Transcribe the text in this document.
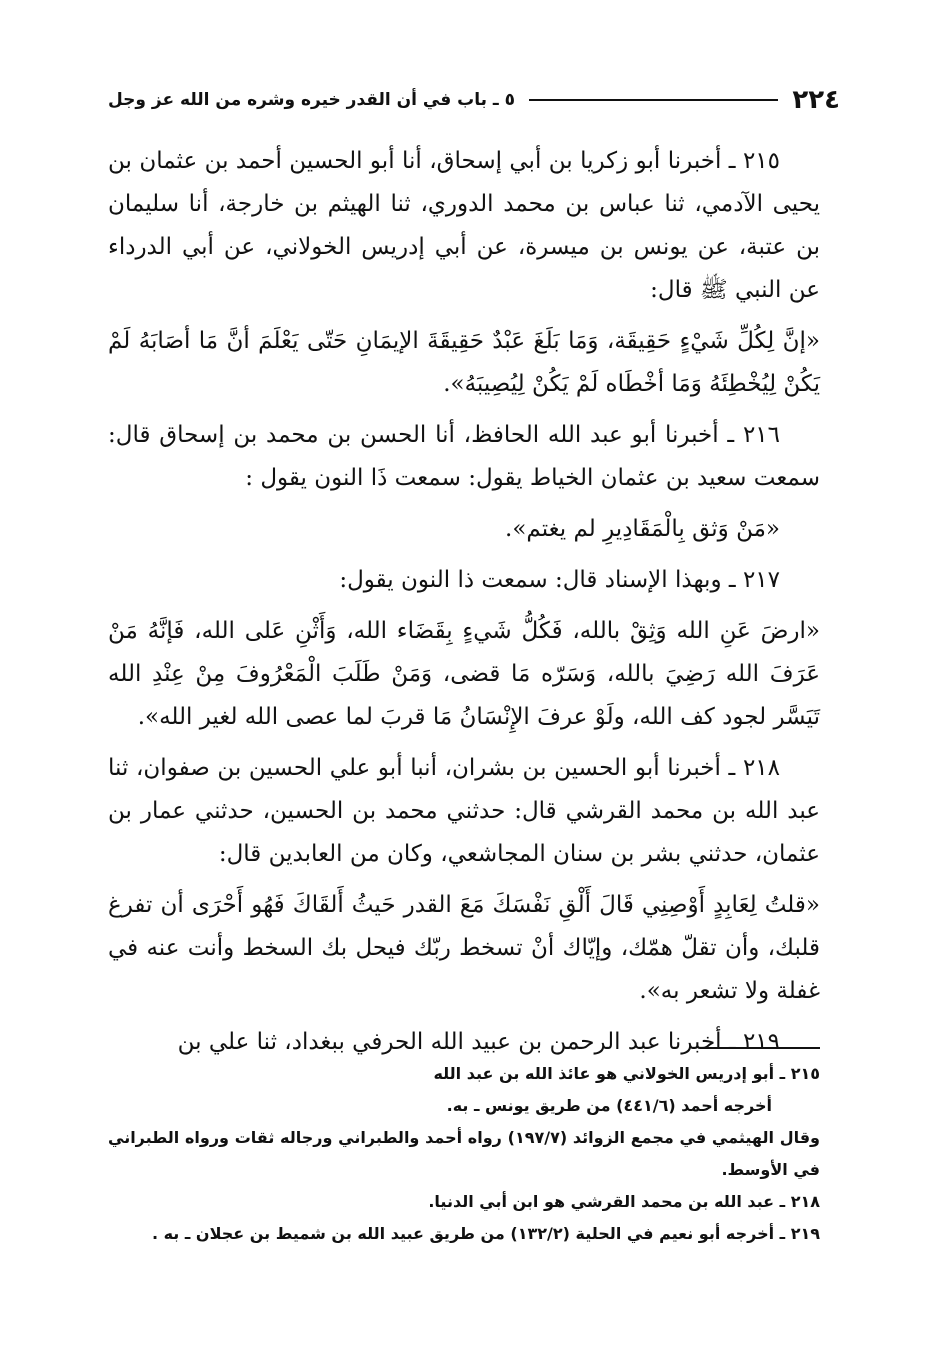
٢٢٤
٥ ـ باب في أن القدر خيره وشره من الله عز وجل

٢١٥ ـ أخبرنا أبو زكريا بن أبي إسحاق، أنا أبو الحسين أحمد بن عثمان بن يحيى الآدمي، ثنا عباس بن محمد الدوري، ثنا الهيثم بن خارجة، أنا سليمان بن عتبة، عن يونس بن ميسرة، عن أبي إدريس الخولاني، عن أبي الدرداء عن النبي ﷺ قال:

«إنَّ لِكُلِّ شَيْءٍ حَقِيقَة، وَمَا بَلَغَ عَبْدٌ حَقِيقَةَ الإيمَانِ حَتّى يَعْلَمَ أنَّ مَا أصَابَهُ لَمْ يَكُنْ لِيُخْطِئَهُ وَمَا أخْطَاه لَمْ يَكُنْ لِيُصِيبَهُ».

٢١٦ ـ أخبرنا أبو عبد الله الحافظ، أنا الحسن بن محمد بن إسحاق قال: سمعت سعيد بن عثمان الخياط يقول: سمعت ذَا النون يقول :

«مَنْ وَثق بِالْمَقَادِيرِ لم يغتم».

٢١٧ ـ وبهذا الإسناد قال: سمعت ذا النون يقول:

«ارضَ عَنِ الله وَثِقْ بالله، فَكُلُّ شَيءٍ بِقَضَاء الله، وَأَثْنِ عَلى الله، فَإنَّهُ مَنْ عَرَفَ الله رَضِيَ بالله، وَسَرّه مَا قضى، وَمَنْ طَلَبَ الْمَعْرُوفَ مِنْ عِنْدِ الله تَيَسَّر لجود كف الله، ولَوْ عرفَ الإِنْسَانُ مَا قربَ لما عصى الله لغير الله».

٢١٨ ـ أخبرنا أبو الحسين بن بشران، أنبا أبو علي الحسين بن صفوان، ثنا عبد الله بن محمد القرشي قال: حدثني محمد بن الحسين، حدثني عمار بن عثمان، حدثني بشر بن سنان المجاشعي، وكان من العابدين قال:

«قلتُ لِعَابِدٍ أَوْصِنِي قَالَ أَلْقِ نَفْسَكَ مَعَ القدر حَيثُ أَلقَاكَ فَهُو أَحْرَى أن تفرغ قلبك، وأن تقلّ همّك، وإيّاك أنْ تسخط ربّك فيحل بك السخط وأنت عنه في غفلة ولا تشعر به».

٢١٩ ـ أخبرنا عبد الرحمن بن عبيد الله الحرفي ببغداد، ثنا علي بن

٢١٥ ـ أبو إدريس الخولاني هو عائذ الله بن عبد الله

أخرجه أحمد (٤٤١/٦) من طريق يونس ـ به.

وقال الهيثمي في مجمع الزوائد (١٩٧/٧) رواه أحمد والطبراني ورجاله ثقات ورواه الطبراني في الأوسط.

٢١٨ ـ عبد الله بن محمد القرشي هو ابن أبي الدنيا.

٢١٩ ـ أخرجه أبو نعيم في الحلية (١٣٢/٢) من طريق عبيد الله بن شميط بن عجلان ـ به .
